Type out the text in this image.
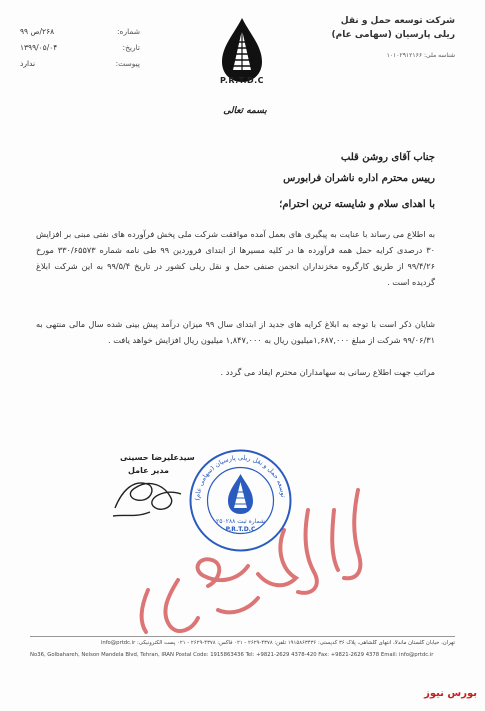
شرکت توسعه حمل و نقل
ریلی پارسیان (سهامی عام)
شناسه ملی: ۱۰۱۰۲۹۱۲۱۶۶
P.R.T.D.C
شماره:
۲۶۸/ص ۹۹
تاریخ:
۱۳۹۹/۰۵/۰۴
پیوست:
ندارد
بسمه تعالی
جناب آقای روشن قلب
رییس محترم اداره ناشران فرابورس
با اهدای سلام و شایسته ترین احترام؛
به اطلاع می رساند با عنایت به پیگیری های بعمل آمده موافقت شرکت ملی پخش فرآورده های نفتی مبنی بر افزایش ۳۰ درصدی کرایه حمل همه فرآورده ها در کلیه مسیرها از ابتدای فروردین ۹۹ طی نامه شماره ۳۳۰/۶۵۵۷۳ مورخ ۹۹/۴/۲۶ از طریق کارگروه مخزنداران انجمن صنفی حمل و نقل ریلی کشور در تاریخ ۹۹/۵/۴ به این شرکت ابلاغ گردیده است .
شایان ذکر است با توجه به ابلاغ کرایه های جدید از ابتدای سال ۹۹ میزان درآمد پیش بینی شده سال مالی منتهی به ۹۹/۰۶/۳۱ شرکت از مبلغ ۱,۶۸۷,۰۰۰میلیون ریال به ۱,۸۴۷,۰۰۰ میلیون ریال افزایش خواهد یافت .
مراتب جهت اطلاع رسانی به سهامداران محترم ایفاد می گردد .
سیدعلیرضا حسینی
مدیر عامل
توسعه حمل و نقل ریلی پارسیان (سهامی عام)
شماره ثبت ۲۵۰۲۸۸
P.R.T.D.C
تهران، خیابان گلستان ماندلا، انتهای گلشاهی، پلاک ۳۶ کدپستی: ۱۹۱۵۸۶۳۴۳۶ تلفن: ۴۳۷۸-۲۶۲۹ - ۰۲۱ فاکس: ۴۳۷۸-۲۶۲۹ - ۰۲۱ پست الکترونیکی: info@prtdc.ir
No36, Golbahareh, Nelson Mandela Blvd, Tehran, IRAN Postal Code: 1915863436 Tel: +9821-2629 4378-420 Fax: +9821-2629 4378 Email: info@prtdc.ir
بورس نیوز
